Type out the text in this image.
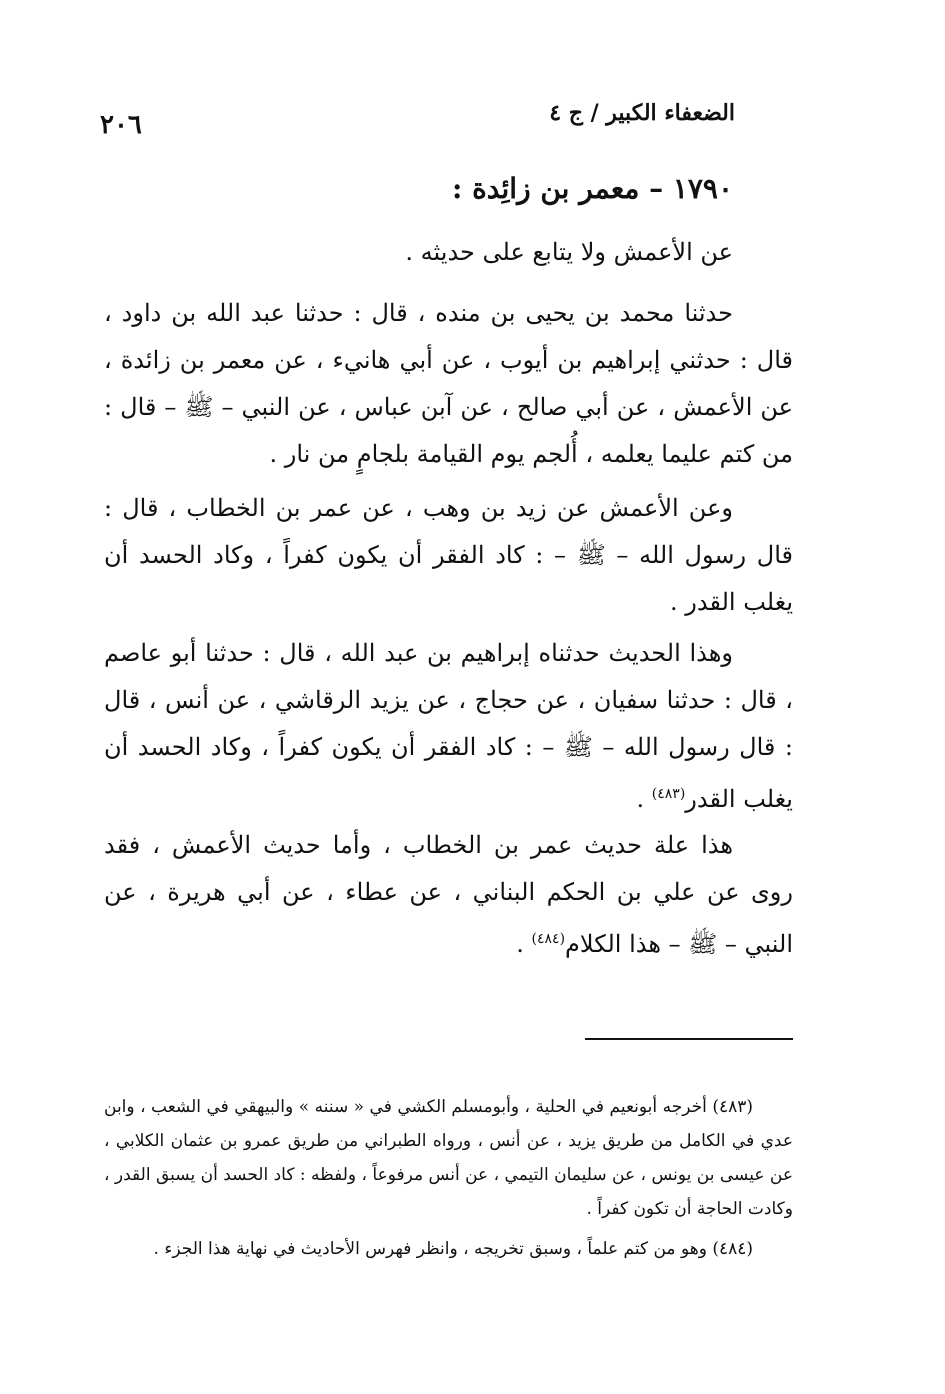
الضعفاء الكبير / ج ٤
٢٠٦
١٧٩٠ – معمر بن زائِدة :
عن الأعمش ولا يتابع على حديثه .
حدثنا محمد بن يحيى بن منده ، قال : حدثنا عبد الله بن داود ، قال : حدثني إبراهيم بن أيوب ، عن أبي هانيء ، عن معمر بن زائدة ، عن الأعمش ، عن أبي صالح ، عن آبن عباس ، عن النبي – ﷺ – قال : من كتم عليما يعلمه ، أُلجم يوم القيامة بلجامٍ من نار .
وعن الأعمش عن زيد بن وهب ، عن عمر بن الخطاب ، قال : قال رسول الله – ﷺ – : كاد الفقر أن يكون كفراً ، وكاد الحسد أن يغلب القدر .
وهذا الحديث حدثناه إبراهيم بن عبد الله ، قال : حدثنا أبو عاصم ، قال : حدثنا سفيان ، عن حجاج ، عن يزيد الرقاشي ، عن أنس ، قال : قال رسول الله – ﷺ – : كاد الفقر أن يكون كفراً ، وكاد الحسد أن يغلب القدر$^{(٤٨٣)}$ .
هذا علة حديث عمر بن الخطاب ، وأما حديث الأعمش ، فقد روى عن علي بن الحكم البناني ، عن عطاء ، عن أبي هريرة ، عن النبي – ﷺ – هذا الكلام$^{(٤٨٤)}$ .
(٤٨٣) أخرجه أبونعيم في الحلية ، وأبومسلم الكشي في « سننه » والبيهقي في الشعب ، وابن عدي في الكامل من طريق يزيد ، عن أنس ، ورواه الطبراني من طريق عمرو بن عثمان الكلابي ، عن عيسى بن يونس ، عن سليمان التيمي ، عن أنس مرفوعاً ، ولفظه : كاد الحسد أن يسبق القدر ، وكادت الحاجة أن تكون كفراً .
(٤٨٤) وهو من كتم علماً ، وسبق تخريجه ، وانظر فهرس الأحاديث في نهاية هذا الجزء .
